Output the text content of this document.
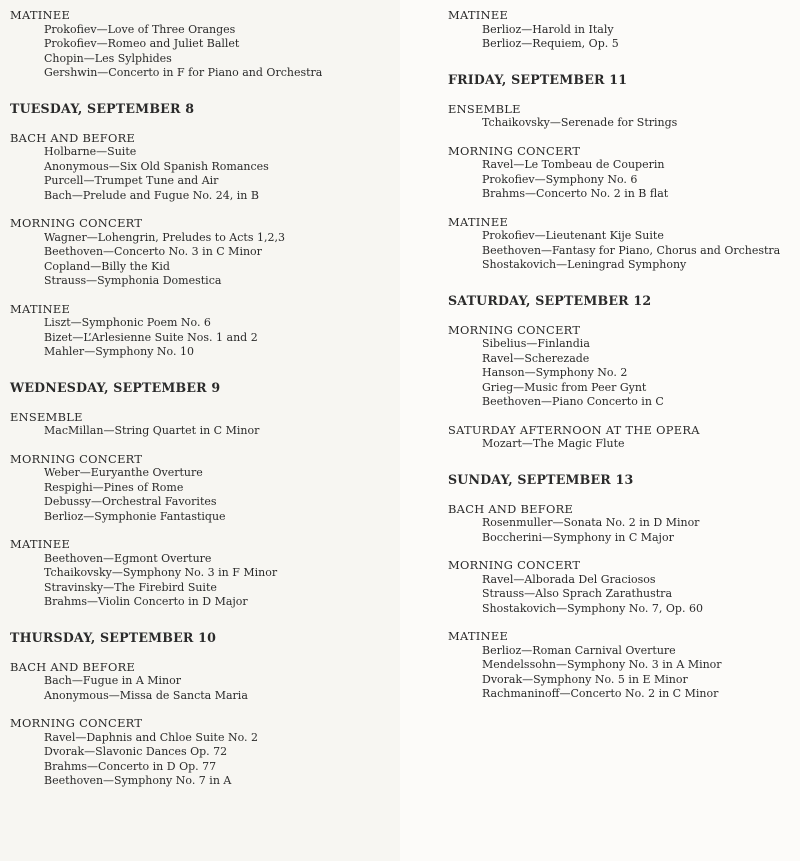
MATINEE
Prokofiev—Love of Three Oranges
Prokofiev—Romeo and Juliet Ballet
Chopin—Les Sylphides
Gershwin—Concerto in F for Piano and Orchestra
TUESDAY, SEPTEMBER 8
BACH AND BEFORE
Holbarne—Suite
Anonymous—Six Old Spanish Romances
Purcell—Trumpet Tune and Air
Bach—Prelude and Fugue No. 24, in B
MORNING CONCERT
Wagner—Lohengrin, Preludes to Acts 1,2,3
Beethoven—Concerto No. 3 in C Minor
Copland—Billy the Kid
Strauss—Symphonia Domestica
MATINEE
Liszt—Symphonic Poem No. 6
Bizet—L’Arlesienne Suite Nos. 1 and 2
Mahler—Symphony No. 10
WEDNESDAY, SEPTEMBER 9
ENSEMBLE
MacMillan—String Quartet in C Minor
MORNING CONCERT
Weber—Euryanthe Overture
Respighi—Pines of Rome
Debussy—Orchestral Favorites
Berlioz—Symphonie Fantastique
MATINEE
Beethoven—Egmont Overture
Tchaikovsky—Symphony No. 3 in F Minor
Stravinsky—The Firebird Suite
Brahms—Violin Concerto in D Major
THURSDAY, SEPTEMBER 10
BACH AND BEFORE
Bach—Fugue in A Minor
Anonymous—Missa de Sancta Maria
MORNING CONCERT
Ravel—Daphnis and Chloe Suite No. 2
Dvorak—Slavonic Dances Op. 72
Brahms—Concerto in D Op. 77
Beethoven—Symphony No. 7 in A
MATINEE
Berlioz—Harold in Italy
Berlioz—Requiem, Op. 5
FRIDAY, SEPTEMBER 11
ENSEMBLE
Tchaikovsky—Serenade for Strings
MORNING CONCERT
Ravel—Le Tombeau de Couperin
Prokofiev—Symphony No. 6
Brahms—Concerto No. 2 in B flat
MATINEE
Prokofiev—Lieutenant Kije Suite
Beethoven—Fantasy for Piano, Chorus and Orchestra
Shostakovich—Leningrad Symphony
SATURDAY, SEPTEMBER 12
MORNING CONCERT
Sibelius—Finlandia
Ravel—Scherezade
Hanson—Symphony No. 2
Grieg—Music from Peer Gynt
Beethoven—Piano Concerto in C
SATURDAY AFTERNOON AT THE OPERA
Mozart—The Magic Flute
SUNDAY, SEPTEMBER 13
BACH AND BEFORE
Rosenmuller—Sonata No. 2 in D Minor
Boccherini—Symphony in C Major
MORNING CONCERT
Ravel—Alborada Del Graciosos
Strauss—Also Sprach Zarathustra
Shostakovich—Symphony No. 7, Op. 60
MATINEE
Berlioz—Roman Carnival Overture
Mendelssohn—Symphony No. 3 in A Minor
Dvorak—Symphony No. 5 in E Minor
Rachmaninoff—Concerto No. 2 in C Minor
